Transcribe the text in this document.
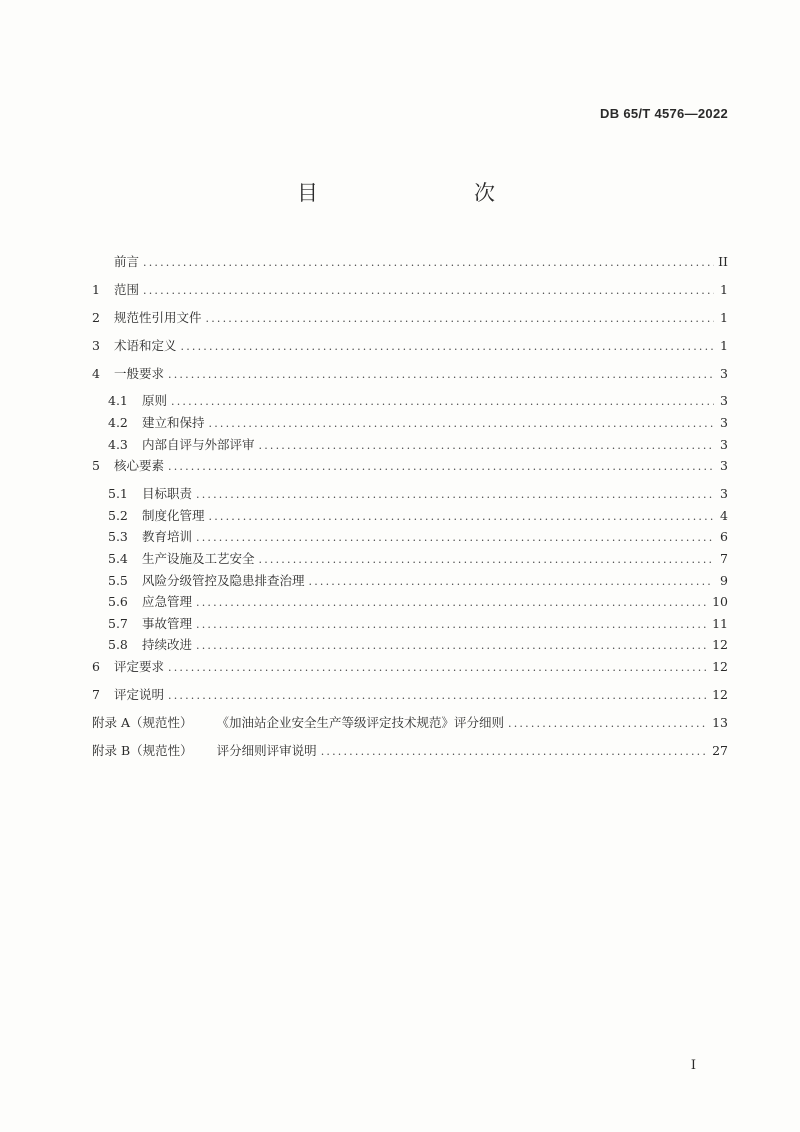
DB 65/T 4576—2022
目　　次
前言 .....	II
1	范围 .....	1
2	规范性引用文件 .....	1
3	术语和定义 .....	1
4	一般要求 .....	3
4.1	原则 .....	3
4.2	建立和保持 .....	3
4.3	内部自评与外部评审 .....	3
5	核心要素 .....	3
5.1	目标职责 .....	3
5.2	制度化管理 .....	4
5.3	教育培训 .....	6
5.4	生产设施及工艺安全 .....	7
5.5	风险分级管控及隐患排查治理 .....	9
5.6	应急管理 .....	10
5.7	事故管理 .....	11
5.8	持续改进 .....	12
6	评定要求 .....	12
7	评定说明 .....	12
附录 A（规范性） 《加油站企业安全生产等级评定技术规范》评分细则 .....	13
附录 B（规范性） 评分细则评审说明 .....	27
I
